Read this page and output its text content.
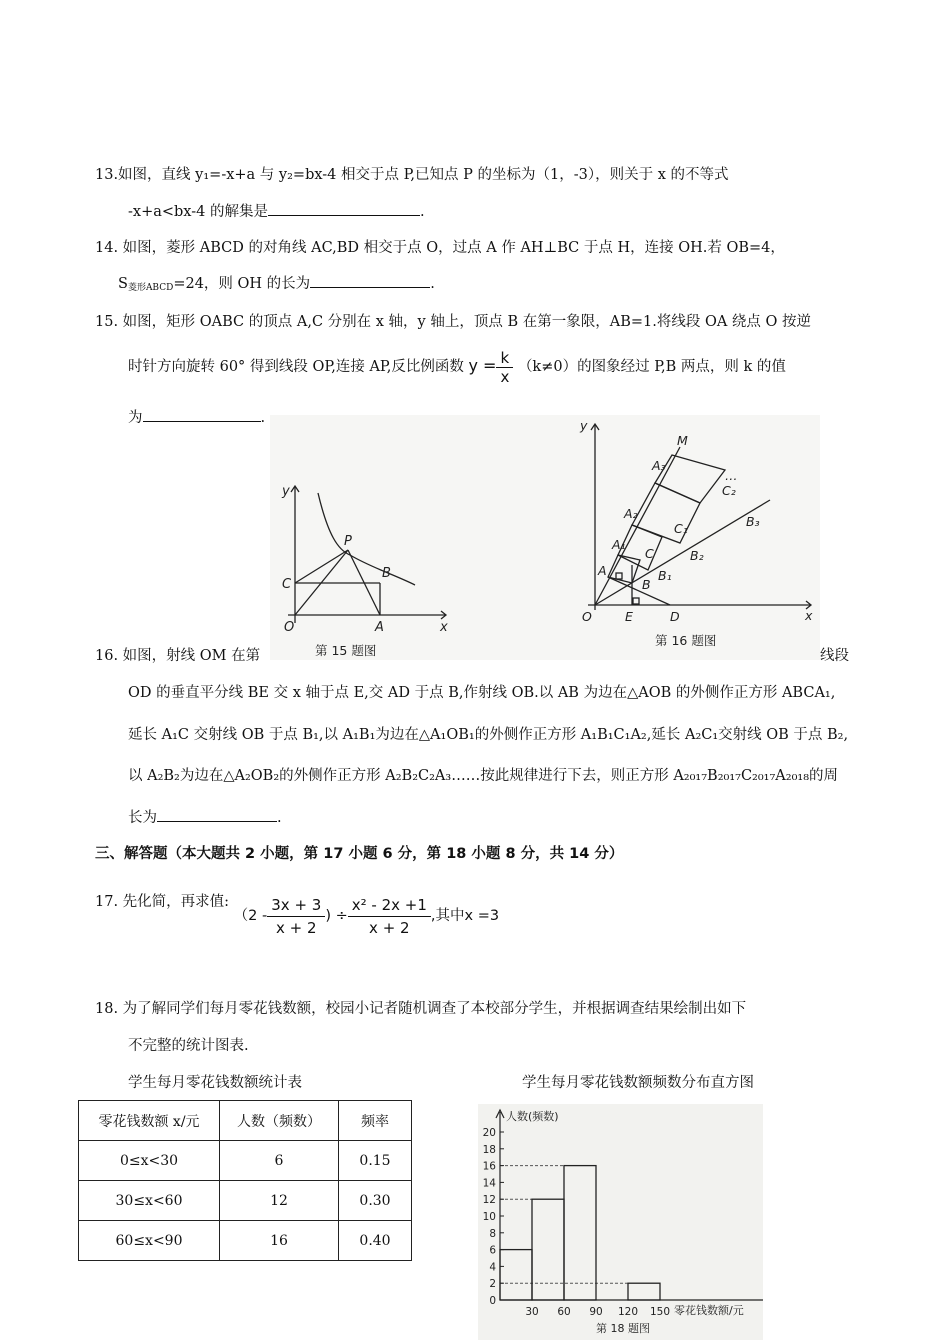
13.如图，直线 y₁=-x+a 与 y₂=bx-4 相交于点 P,已知点 P 的坐标为（1，-3），则关于 x 的不等式
-x+a<bx-4 的解集是	.
14. 如图，菱形 ABCD 的对角线 AC,BD 相交于点 O，过点 A 作 AH⊥BC 于点 H，连接 OH.若 OB=4，
$S_{菱形ABCD}=24$，则 OH 的长为	.
15. 如图，矩形 OABC 的顶点 A,C 分别在 x 轴，y 轴上，顶点 B 在第一象限，AB=1.将线段 OA 绕点 O 按逆
时针方向旋转 60° 得到线段 OP,连接 AP,反比例函数 $y = \frac{k}{x} (k\ne 0)$的图象经过 P,B 两点，则 k 的值
为	.
y
x
O
P
C
B
A
第 15 题图
y
x
O
M
A₃
A₂
A₁
A
C
C₁
C₂
B
B₁
B₂
B₃
E	D
…
第 16 题图
16. 如图，射线 OM 在第	线段
OD 的垂直平分线 BE 交 x 轴于点 E,交 AD 于点 B,作射线 OB.以 AB 为边在△AOB 的外侧作正方形 ABCA₁,
延长 A₁C 交射线 OB 于点 B₁,以 A₁B₁为边在△A₁OB₁的外侧作正方形 A₁B₁C₁A₂,延长 A₂C₁交射线 OB 于点 B₂,
以 A₂B₂为边在△A₂OB₂的外侧作正方形 A₂B₂C₂A₃……按此规律进行下去，则正方形 A₂₀₁₇B₂₀₁₇C₂₀₁₇A₂₀₁₈的周
长为	.
三、解答题（本大题共 2 小题，第 17 小题 6 分，第 18 小题 8 分，共 14 分）
17. 先化简，再求值: （$2 - \frac{3x + 3}{x + 2}$ ) ÷ $\frac{\text{x² - 2x +1}}{x + 2}$ ,其中x =3
18. 为了解同学们每月零花钱数额，校园小记者随机调查了本校部分学生，并根据调查结果绘制出如下
不完整的统计图表.
学生每月零花钱数额统计表	学生每月零花钱数额频数分布直方图
零花钱数额 x/元	人数（频数）	频率
0≤x<30	6	0.15
30≤x<60	12	0.30
60≤x<90	16	0.40
0
2
4
6
8
10
12
14
16
18
20
30 60 90 120 150
人数(频数)
零花钱数额/元
第 18 题图
